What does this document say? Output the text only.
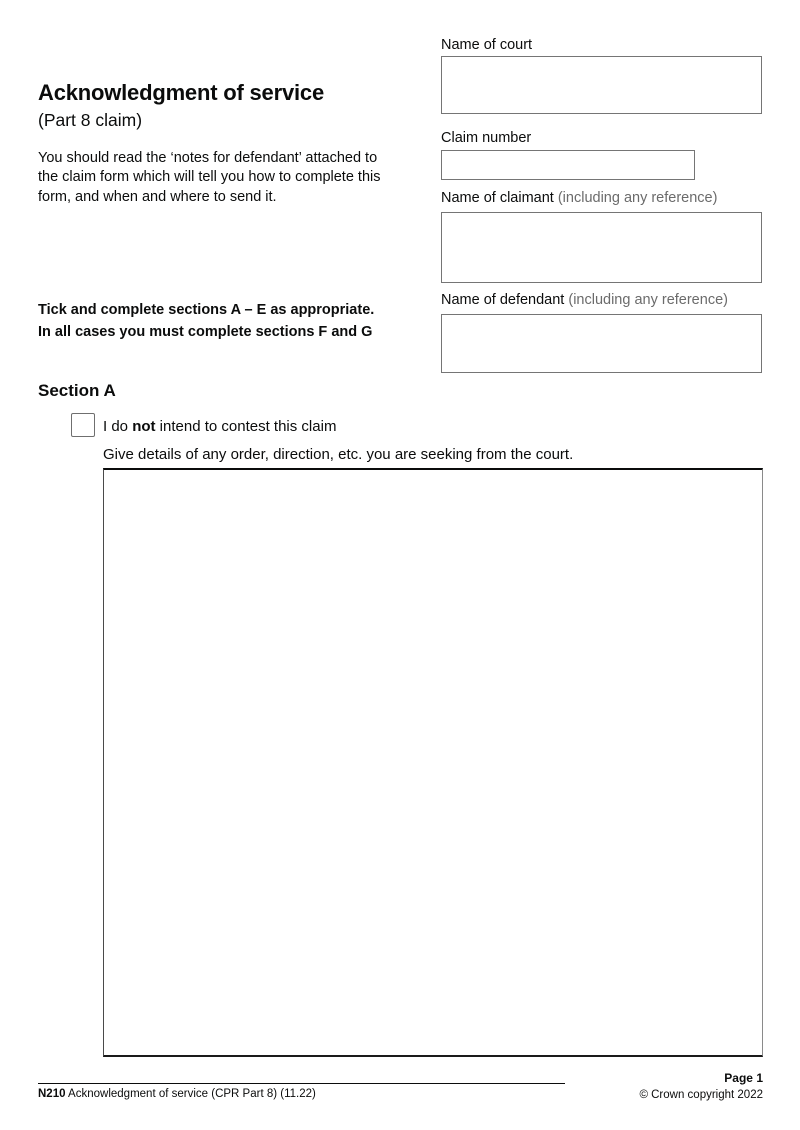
Acknowledgment of service
(Part 8 claim)
You should read the ‘notes for defendant’ attached to the claim form which will tell you how to complete this form, and when and where to send it.
Tick and complete sections A – E as appropriate.
In all cases you must complete sections F and G
Name of court
Claim number
Name of claimant (including any reference)
Name of defendant (including any reference)
Section A
I do not intend to contest this claim
Give details of any order, direction, etc. you are seeking from the court.
N210 Acknowledgment of service (CPR Part 8) (11.22)
Page 1
© Crown copyright 2022
